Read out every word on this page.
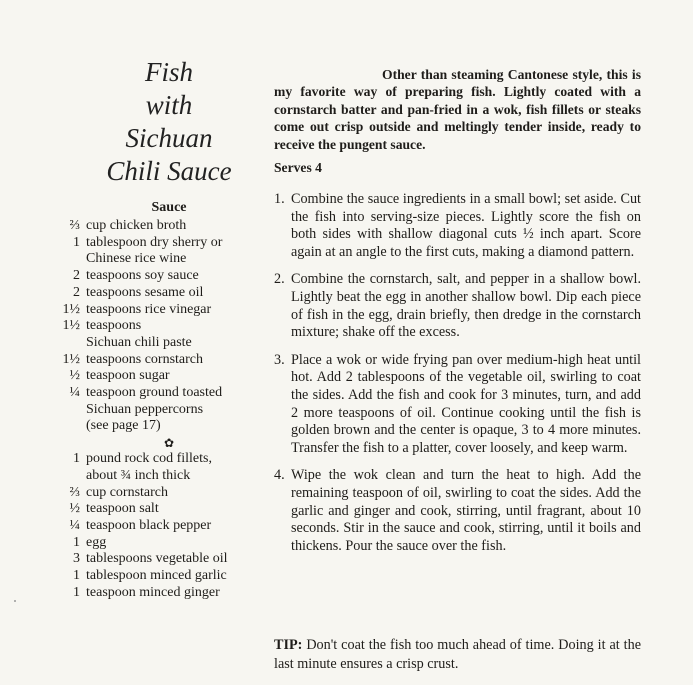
Fish
with
Sichuan
Chili Sauce
Sauce
⅔ cup chicken broth
1 tablespoon dry sherry or
Chinese rice wine
2 teaspoons soy sauce
2 teaspoons sesame oil
1½ teaspoons rice vinegar
1½ teaspoons
Sichuan chili paste
1½ teaspoons cornstarch
½ teaspoon sugar
¼ teaspoon ground toasted
Sichuan peppercorns
(see page 17)
✿
1 pound rock cod fillets,
about ¾ inch thick
⅔ cup cornstarch
½ teaspoon salt
¼ teaspoon black pepper
1 egg
3 tablespoons vegetable oil
1 tablespoon minced garlic
1 teaspoon minced ginger
Other than steaming Cantonese style, this is my favorite way of preparing fish. Lightly coated with a cornstarch batter and pan-fried in a wok, fish fillets or steaks come out crisp outside and meltingly tender inside, ready to receive the pungent sauce.
Serves 4
1. Combine the sauce ingredients in a small bowl; set aside. Cut the fish into serving-size pieces. Lightly score the fish on both sides with shallow diagonal cuts ½ inch apart. Score again at an angle to the first cuts, making a diamond pattern.
2. Combine the cornstarch, salt, and pepper in a shallow bowl. Lightly beat the egg in another shallow bowl. Dip each piece of fish in the egg, drain briefly, then dredge in the cornstarch mixture; shake off the excess.
3. Place a wok or wide frying pan over medium-high heat until hot. Add 2 tablespoons of the vegetable oil, swirling to coat the sides. Add the fish and cook for 3 minutes, turn, and add 2 more teaspoons of oil. Continue cooking until the fish is golden brown and the center is opaque, 3 to 4 more minutes. Transfer the fish to a platter, cover loosely, and keep warm.
4. Wipe the wok clean and turn the heat to high. Add the remaining teaspoon of oil, swirling to coat the sides. Add the garlic and ginger and cook, stirring, until fragrant, about 10 seconds. Stir in the sauce and cook, stirring, until it boils and thickens. Pour the sauce over the fish.
TIP: Don't coat the fish too much ahead of time. Doing it at the last minute ensures a crisp crust.
